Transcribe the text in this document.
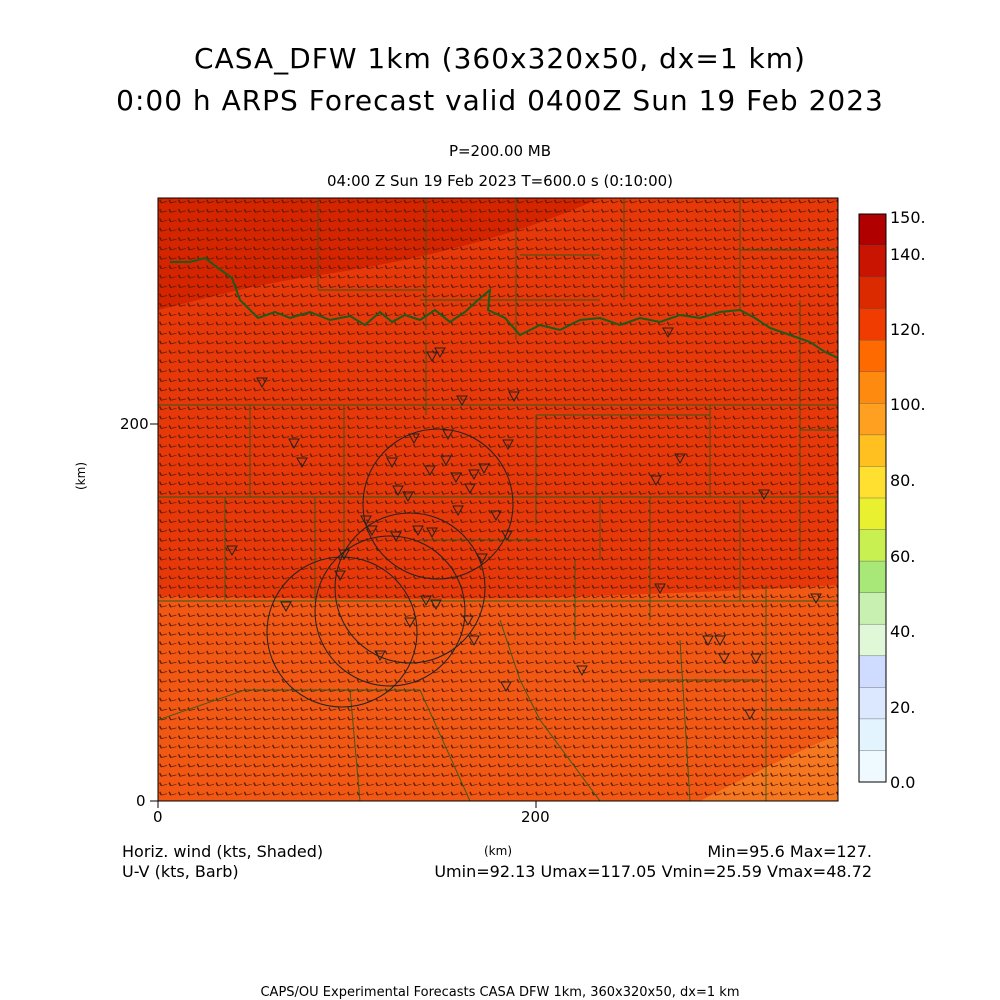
CASA_DFW 1km (360x320x50, dx=1 km)
0:00 h ARPS Forecast valid 0400Z Sun 19 Feb 2023
P=200.00 MB
04:00 Z Sun 19 Feb 2023 T=600.0 s (0:10:00)
0	200
0
200
(km)
(km)
150.
140.
120.
100.
80.
60.
40.
20.
0.0
Horiz. wind (kts, Shaded)
U-V (kts, Barb)
Min=95.6 Max=127.
Umin=92.13 Umax=117.05 Vmin=25.59 Vmax=48.72
CAPS/OU Experimental Forecasts CASA DFW 1km, 360x320x50, dx=1 km
